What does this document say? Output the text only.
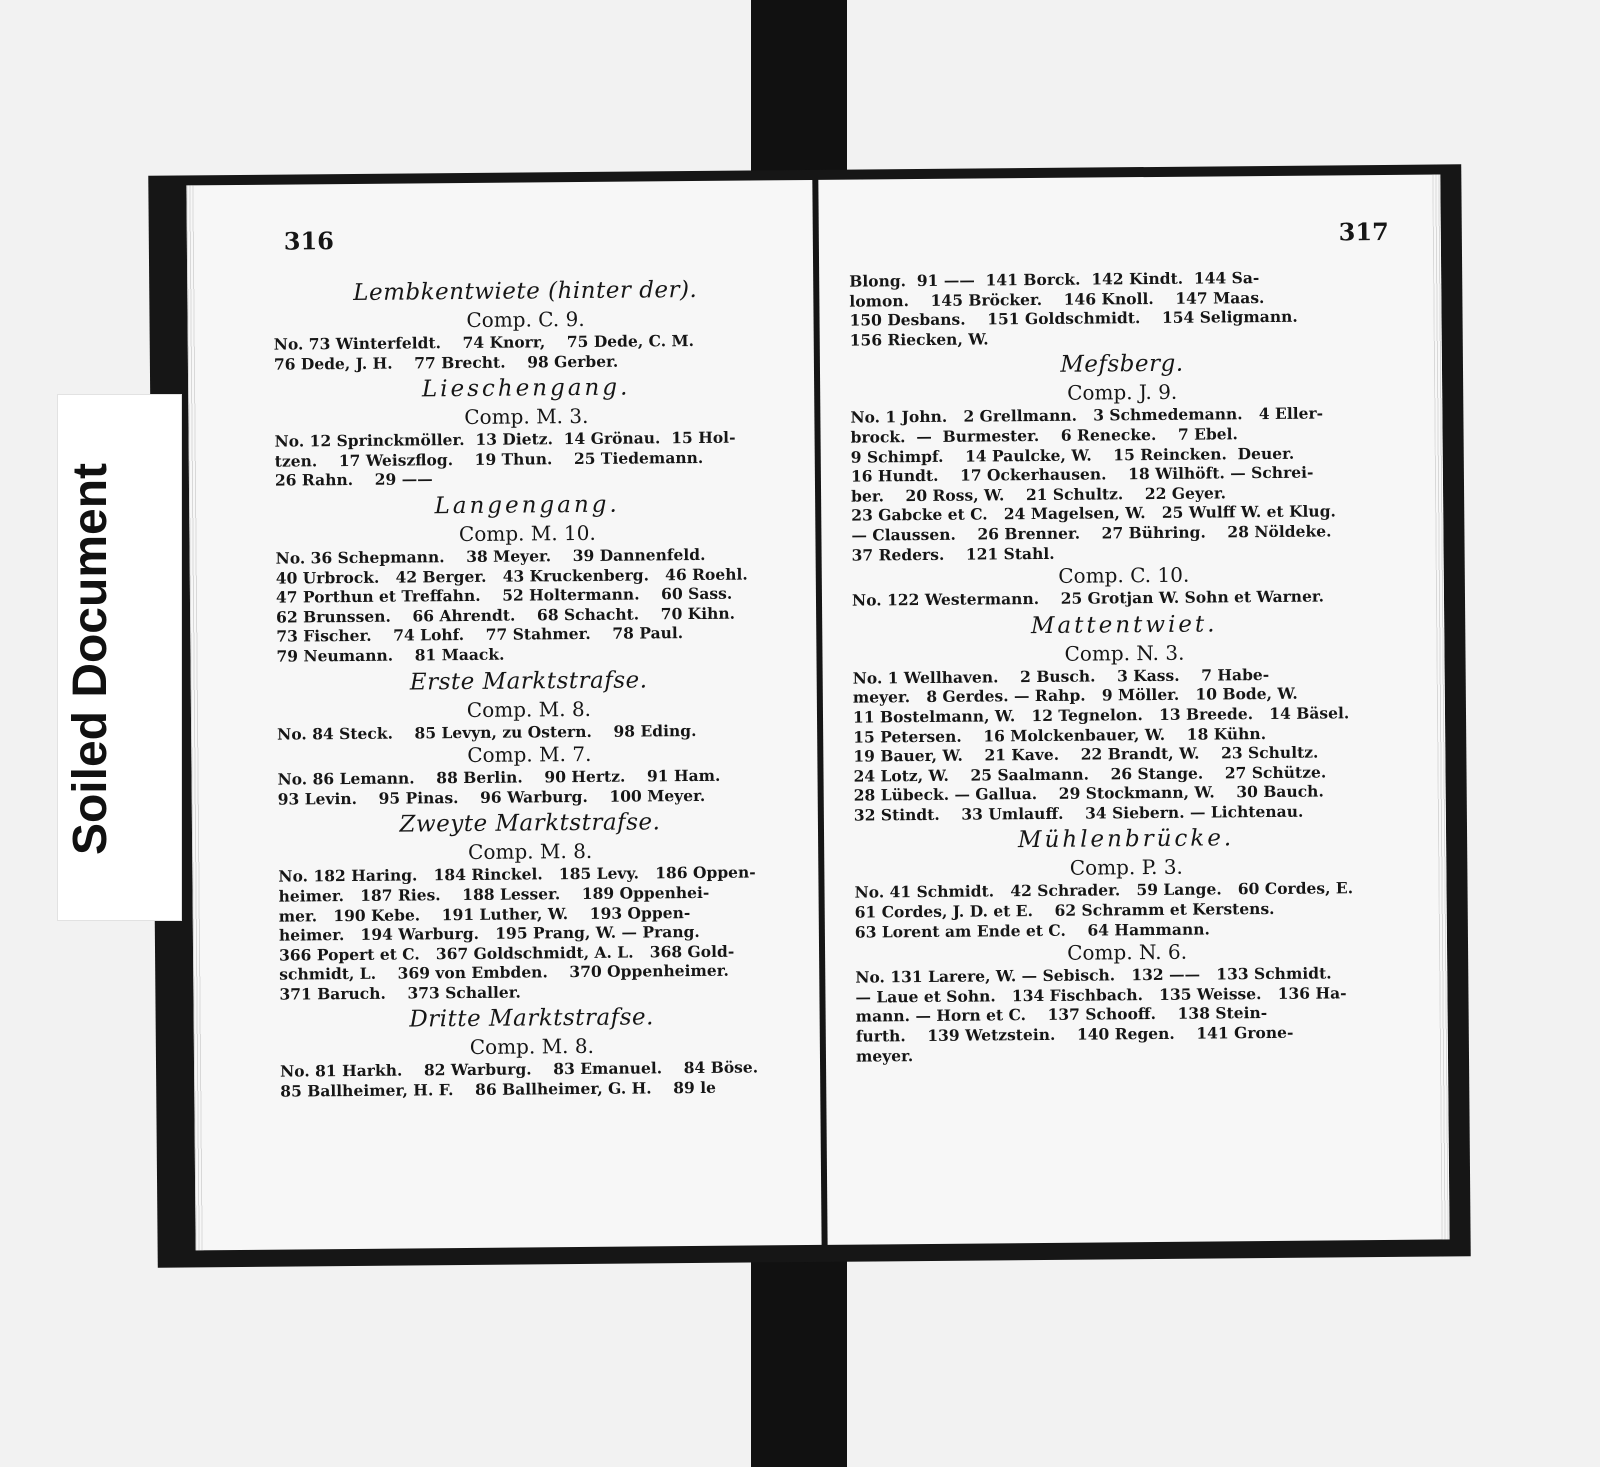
316
Lembkentwiete (hinter der).
Comp. C. 9.
No. 73 Winterfeldt.    74 Knorr,    75 Dede, C. M.
76 Dede, J. H.    77 Brecht.    98 Gerber.
Lieschengang.
Comp. M. 3.
No. 12 Sprinckmöller.  13 Dietz.  14 Grönau.  15 Hol-
tzen.    17 Weiszflog.    19 Thun.    25 Tiedemann.
26 Rahn.    29 ——
Langengang.
Comp. M. 10.
No. 36 Schepmann.    38 Meyer.    39 Dannenfeld.
40 Urbrock.   42 Berger.   43 Kruckenberg.   46 Roehl.
47 Porthun et Treffahn.    52 Holtermann.    60 Sass.
62 Brunssen.    66 Ahrendt.    68 Schacht.    70 Kihn.
73 Fischer.    74 Lohf.    77 Stahmer.    78 Paul.
79 Neumann.    81 Maack.
Erste Marktstrafse.
Comp. M. 8.
No. 84 Steck.    85 Levyn, zu Ostern.    98 Eding.
Comp. M. 7.
No. 86 Lemann.    88 Berlin.    90 Hertz.    91 Ham.
93 Levin.    95 Pinas.    96 Warburg.    100 Meyer.
Zweyte Marktstrafse.
Comp. M. 8.
No. 182 Haring.   184 Rinckel.   185 Levy.   186 Oppen-
heimer.   187 Ries.    188 Lesser.    189 Oppenhei-
mer.   190 Kebe.    191 Luther, W.    193 Oppen-
heimer.   194 Warburg.   195 Prang, W. — Prang.
366 Popert et C.   367 Goldschmidt, A. L.   368 Gold-
schmidt, L.    369 von Embden.    370 Oppenheimer.
371 Baruch.    373 Schaller.
Dritte Marktstrafse.
Comp. M. 8.
No. 81 Harkh.    82 Warburg.    83 Emanuel.    84 Böse.
85 Ballheimer, H. F.    86 Ballheimer, G. H.    89 le
317
Blong.  91 ——  141 Borck.  142 Kindt.  144 Sa-
lomon.    145 Bröcker.    146 Knoll.    147 Maas.
150 Desbans.    151 Goldschmidt.    154 Seligmann.
156 Riecken, W.
Mefsberg.
Comp. J. 9.
No. 1 John.   2 Grellmann.   3 Schmedemann.   4 Eller-
brock.  —  Burmester.    6 Renecke.    7 Ebel.
9 Schimpf.    14 Paulcke, W.    15 Reincken.  Deuer.
16 Hundt.    17 Ockerhausen.    18 Wilhöft. — Schrei-
ber.    20 Ross, W.    21 Schultz.    22 Geyer.
23 Gabcke et C.   24 Magelsen, W.   25 Wulff W. et Klug.
— Claussen.    26 Brenner.    27 Bühring.    28 Nöldeke.
37 Reders.    121 Stahl.
Comp. C. 10.
No. 122 Westermann.    25 Grotjan W. Sohn et Warner.
Mattentwiet.
Comp. N. 3.
No. 1 Wellhaven.    2 Busch.    3 Kass.    7 Habe-
meyer.   8 Gerdes. — Rahp.   9 Möller.   10 Bode, W.
11 Bostelmann, W.   12 Tegnelon.   13 Breede.   14 Bäsel.
15 Petersen.    16 Molckenbauer, W.    18 Kühn.
19 Bauer, W.    21 Kave.    22 Brandt, W.    23 Schultz.
24 Lotz, W.    25 Saalmann.    26 Stange.    27 Schütze.
28 Lübeck. — Gallua.    29 Stockmann, W.    30 Bauch.
32 Stindt.    33 Umlauff.    34 Siebern. — Lichtenau.
Mühlenbrücke.
Comp. P. 3.
No. 41 Schmidt.   42 Schrader.   59 Lange.   60 Cordes, E.
61 Cordes, J. D. et E.    62 Schramm et Kerstens.
63 Lorent am Ende et C.    64 Hammann.
Comp. N. 6.
No. 131 Larere, W. — Sebisch.   132 ——   133 Schmidt.
— Laue et Sohn.   134 Fischbach.   135 Weisse.   136 Ha-
mann. — Horn et C.    137 Schooff.    138 Stein-
furth.    139 Wetzstein.    140 Regen.    141 Grone-
meyer.
Soiled Document
